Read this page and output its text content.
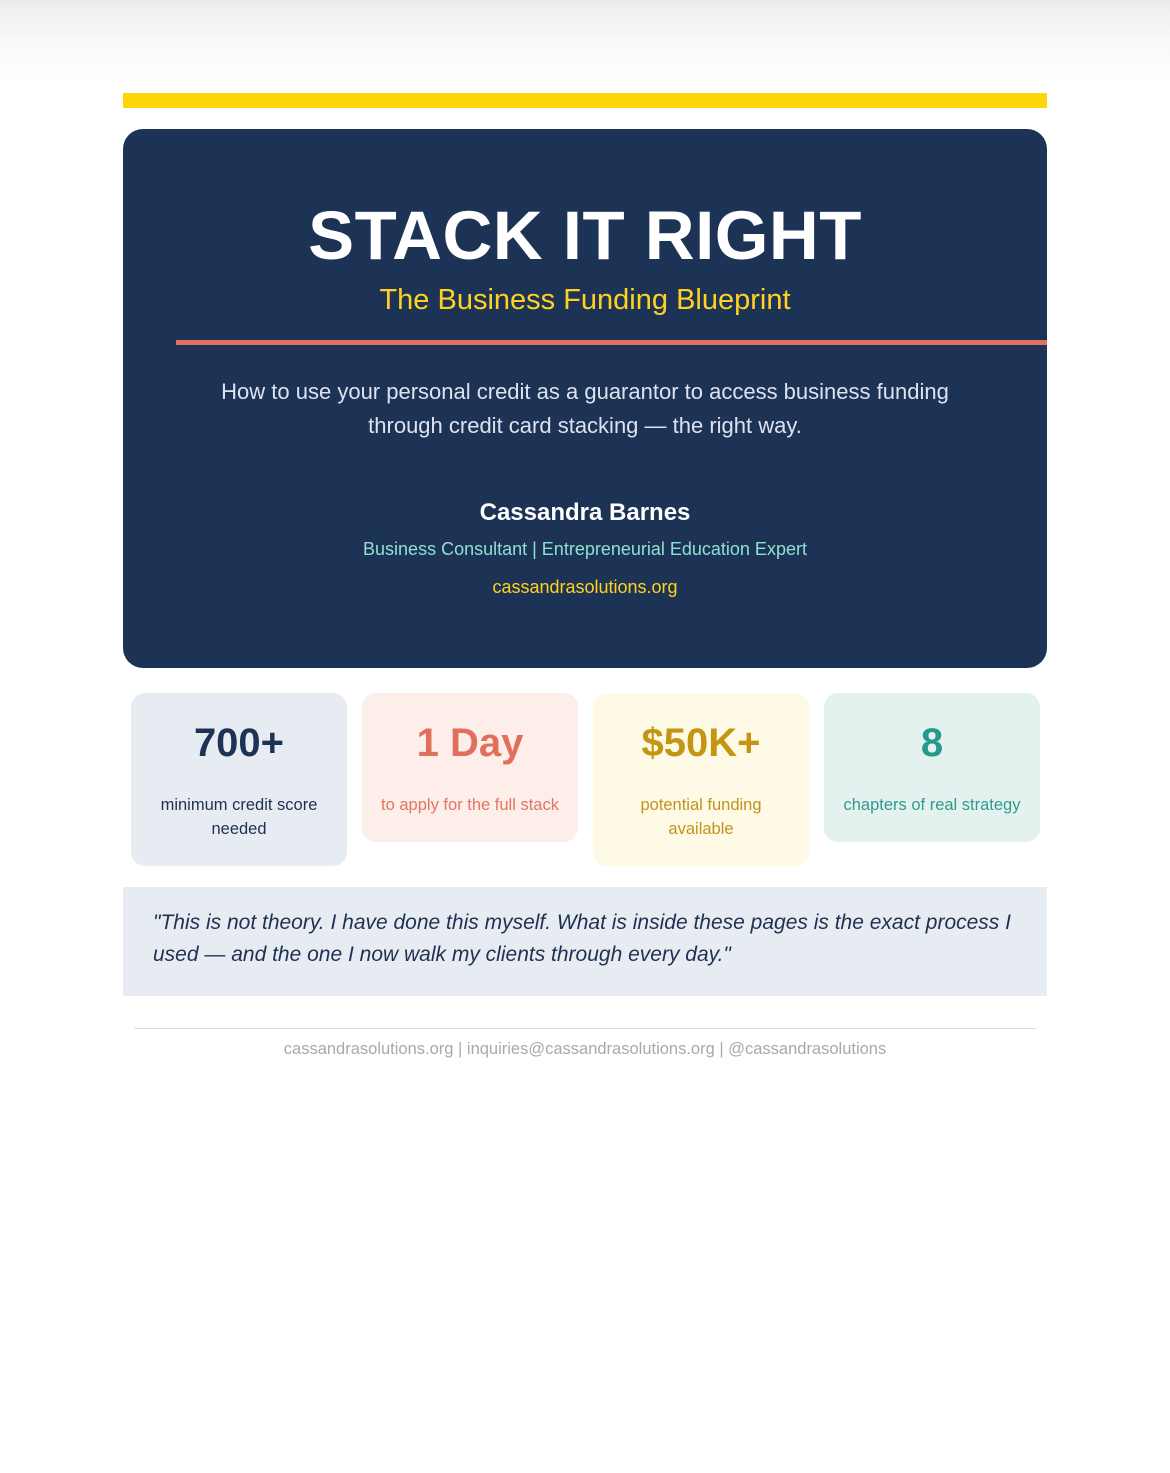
STACK IT RIGHT
The Business Funding Blueprint
How to use your personal credit as a guarantor to access business funding
through credit card stacking — the right way.
Cassandra Barnes
Business Consultant | Entrepreneurial Education Expert
cassandrasolutions.org
700+
minimum credit score
needed
1 Day
to apply for the full stack
$50K+
potential funding
available
8
chapters of real strategy
"This is not theory. I have done this myself. What is inside these pages is the exact process I
used — and the one I now walk my clients through every day."
cassandrasolutions.org | inquiries@cassandrasolutions.org | @cassandrasolutions
